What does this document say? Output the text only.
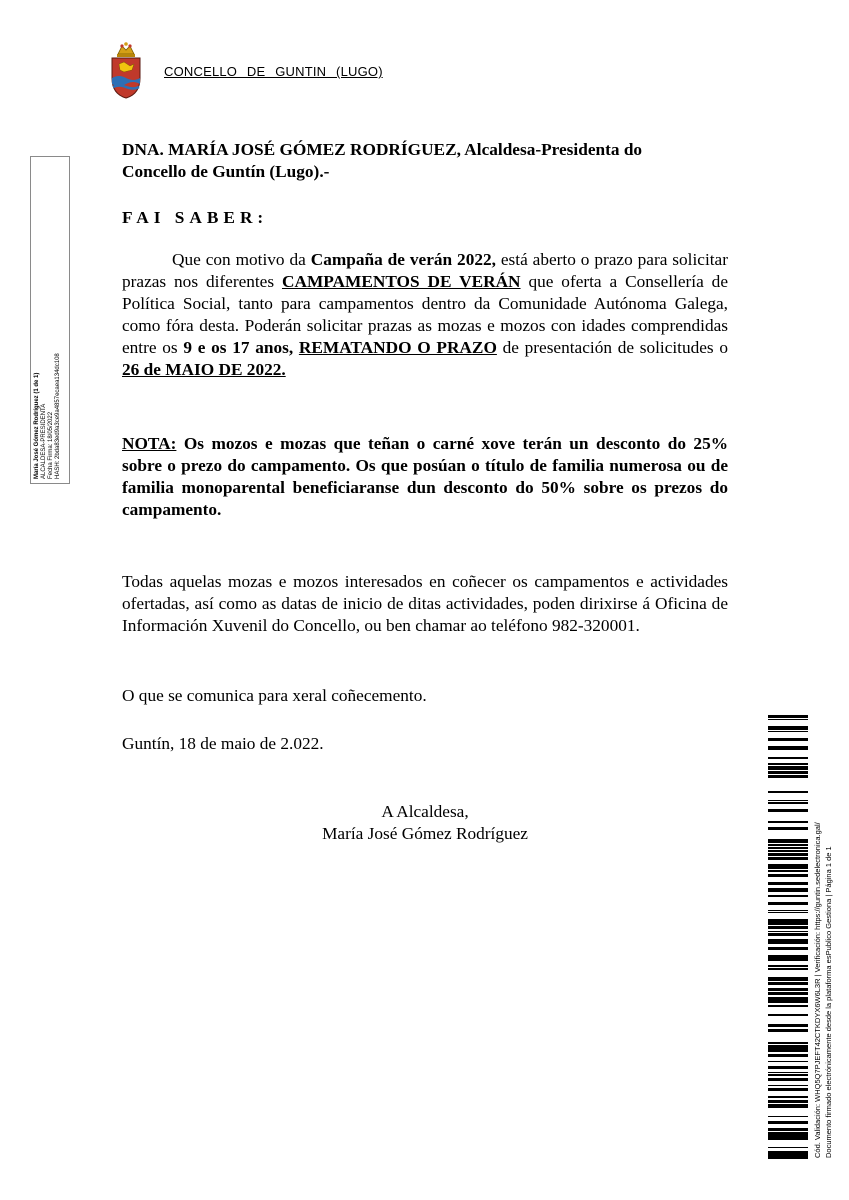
CONCELLO DE GUNTIN (LUGO)
María José Gómez Rodríguez (1 de 1) ALCALDESA-PRESIDENTA Fecha Firma: 18/05/2022 HASH: 2bda83ed9a3ce9a4857ecaea134dc108
DNA. MARÍA JOSÉ GÓMEZ RODRÍGUEZ, Alcaldesa-Presidenta do
Concello de Guntín (Lugo).-
FAI SABER:
Que con motivo da Campaña de verán 2022, está aberto o prazo para solicitar prazas nos diferentes CAMPAMENTOS DE VERÁN que oferta a Consellería de Política Social, tanto para campamentos dentro da Comunidade Autónoma Galega, como fóra desta. Poderán solicitar prazas as mozas e mozos con idades comprendidas entre os 9 e os 17 anos, REMATANDO O PRAZO de presentación de solicitudes o 26 de MAIO DE 2022.
NOTA: Os mozos e mozas que teñan o carné xove terán un desconto do 25% sobre o prezo do campamento. Os que posúan o título de familia numerosa ou de familia monoparental beneficiaranse dun desconto do 50% sobre os prezos do campamento.
Todas aquelas mozas e mozos interesados en coñecer os campamentos e actividades ofertadas, así como as datas de inicio de ditas actividades, poden dirixirse á Oficina de Información Xuvenil do Concello, ou ben chamar ao teléfono 982-320001.
O que se comunica para xeral coñecemento.
Guntín, 18 de maio de 2.022.
A Alcaldesa,
María José Gómez Rodríguez	Cód. Validación: WHQ5Q7PJEFT42CTKDYX6W6L3R | Verificación: https://guntin.sedelectronica.gal/ Documento firmado electrónicamente desde la plataforma esPublico Gestiona | Página 1 de 1
